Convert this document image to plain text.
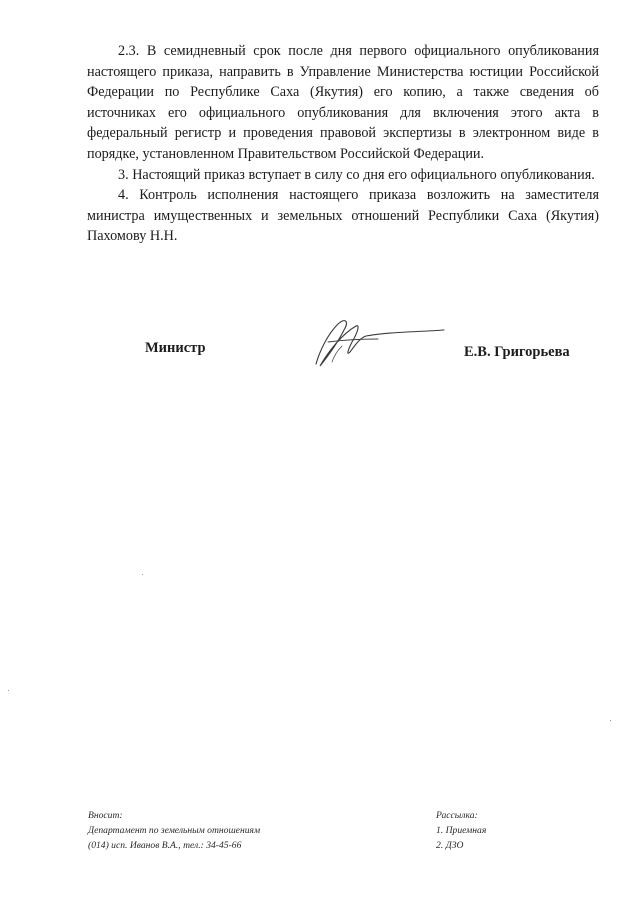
2.3. В семидневный срок после дня первого официального опубликования настоящего приказа, направить в Управление Министерства юстиции Российской Федерации по Республике Саха (Якутия) его копию, а также сведения об источниках его официального опубликования для включения этого акта в федеральный регистр и проведения правовой экспертизы в электронном виде в порядке, установленном Правительством Российской Федерации.

3. Настоящий приказ вступает в силу со дня его официального опубликования.

4. Контроль исполнения настоящего приказа возложить на заместителя министра имущественных и земельных отношений Республики Саха (Якутия) Пахомову Н.Н.

Министр	Е.В. Григорьева
Вносит:
Департамент по земельным отношениям
(014) исп. Иванов В.А., тел.: 34-45-66
Рассылка:
1. Приемная
2. ДЗО
